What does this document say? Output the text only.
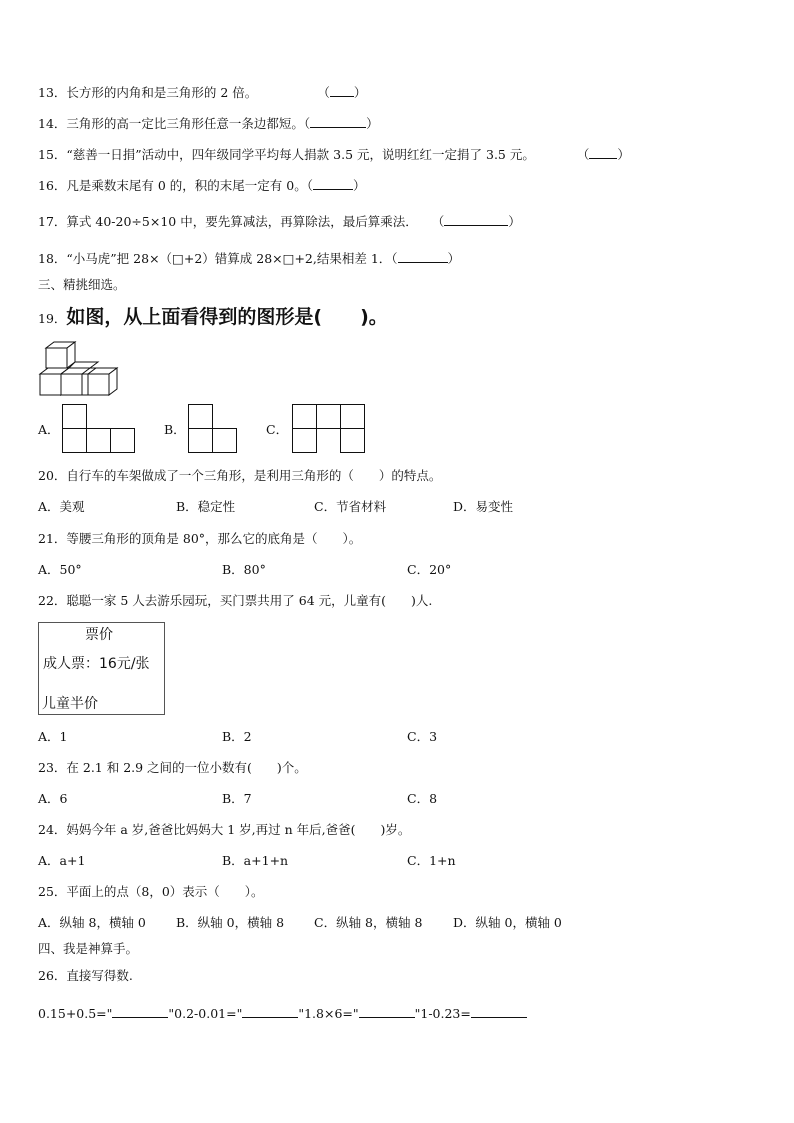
13．长方形的内角和是三角形的 2 倍。	（ ）
14．三角形的高一定比三角形任意一条边都短。（	）
15．“慈善一日捐”活动中，四年级同学平均每人捐款 3.5 元，说明红红一定捐了 3.5 元。	（ ）
16．凡是乘数末尾有 0 的，积的末尾一定有 0。（	）
17．算式 40-20÷5×10 中，要先算减法，再算除法，最后算乘法． （	）
18．“小马虎”把 28×（□+2）错算成 28×□+2,结果相差 1．（	）
三、精挑细选。
19．如图，从上面看得到的图形是(　　)。
A．	B．	C．
20．自行车的车架做成了一个三角形，是利用三角形的（　　）的特点。
A．美观	B．稳定性	C．节省材料	D．易变性
21．等腰三角形的顶角是 80°，那么它的底角是（　　）。
A．50°	B．80°	C．20°
22．聪聪一家 5 人去游乐园玩，买门票共用了 64 元，儿童有(　　)人.
票价
成人票：16元/张
儿童半价
A．1	B．2	C．3
23．在 2.1 和 2.9 之间的一位小数有(　　)个。
A．6	B．7	C．8
24．妈妈今年 a 岁,爸爸比妈妈大 1 岁,再过 n 年后,爸爸(　　)岁。
A．a+1	B．a+1+n	C．1+n
25．平面上的点（8，0）表示（　　）。
A．纵轴 8，横轴 0 B．纵轴 0，横轴 8 C．纵轴 8，横轴 8 D．纵轴 0，横轴 0
四、我是神算手。
26．直接写得数.
0.15+0.5="	"0.2-0.01="	"1.8×6="	"1-0.23=
